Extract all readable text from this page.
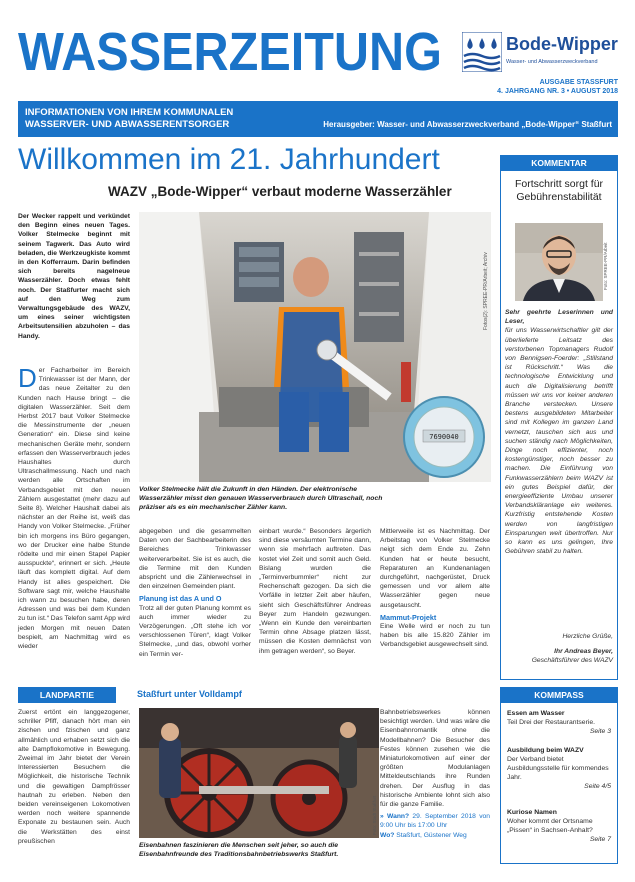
WASSERZEITUNG	Bode-Wipper
Wasser- und Abwasserzweckverband
AUSGABE STASSFURT
4. JAHRGANG NR. 3 • AUGUST 2018
INFORMATIONEN VON IHREM KOMMUNALEN
WASSERVER- UND ABWASSERENTSORGER	Herausgeber: Wasser- und Abwasserzweckverband „Bode-Wipper“ Staßfurt
Willkommen im 21. Jahrhundert
WAZV „Bode-Wipper“ verbaut moderne Wasserzähler

Der Wecker rappelt und verkündet den Beginn eines neuen Tages. Volker Stelmecke beginnt mit seinem Tagwerk. Das Auto wird beladen, die Werkzeugkiste kommt in den Kofferraum. Darin befinden sich bereits nagelneue Wasserzähler. Doch etwas fehlt noch. Der Staßfurter macht sich auf den Weg zum Verwaltungsgebäude des WAZV, um eines seiner wichtigsten Arbeitsutensilien abzuholen – das Handy.

Der Facharbeiter im Bereich Trinkwasser ist der Mann, der das neue Zeitalter zu den Kunden nach Hause bringt – die digitalen Wasserzähler. Seit dem Herbst 2017 baut Volker Stelmecke die Messinstrumente der „neuen Generation“ ein. Diese sind keine mechanischen Geräte mehr, sondern erfassen den Wasserverbrauch jedes Haushaltes durch Ultraschallmessung. Nach und nach werden alle Ortschaften im Verbandsgebiet mit den neuen Zählern ausgestattet (mehr dazu auf Seite 8). Welcher Haushalt dabei als nächster an der Reihe ist, weiß das Handy von Volker Stelmecke. „Früher bin ich morgens ins Büro gegangen, wo der Drucker eine halbe Stunde rödelte und mir einen Stapel Papier ausspuckte“, erinnert er sich. „Heute läuft das komplett digital. Auf dem Handy ist alles gespeichert. Die Software sagt mir, welche Haushalte ich wann zu besuchen habe, deren Adressen und was bei dem Kunden zu tun ist.“ Das Telefon samt App wird jeden Morgen mit neuen Daten bespielt, am Nachmittag wird es wieder

7690040
Fotos(2): SPREE-PR/Arbeit; Archiv
Volker Stelmecke hält die Zukunft in den Händen. Der elektronische Wasserzähler misst den genauen Wasserverbrauch durch Ultraschall, noch präziser als es ein mechanischer Zähler kann.

abgegeben und die gesammelten Daten von der Sachbearbeiterin des Bereiches Trinkwasser weiterverarbeitet. Sie ist es auch, die die Termine mit den Kunden abspricht und die Zählerwechsel in den einzelnen Gemeinden plant.

Planung ist das A und O

Trotz all der guten Planung kommt es auch immer wieder zu Verzögerungen. „Oft stehe ich vor verschlossenen Türen“, klagt Volker Stelmecke, „und das, obwohl vorher ein Termin ver-

einbart wurde.“ Besonders ärgerlich sind diese versäumten Termine dann, wenn sie mehrfach auftreten. Das kostet viel Zeit und somit auch Geld. Bislang wurden die „Terminverbummler“ nicht zur Rechenschaft gezogen. Da sich die Vorfälle in letzter Zeit aber häufen, sieht sich Geschäftsführer Andreas Beyer zum Handeln gezwungen. „Wenn ein Kunde den vereinbarten Termin ohne Absage platzen lässt, müssen die Kosten demnächst von ihm getragen werden“, so Beyer.

Mittlerweile ist es Nachmittag. Der Arbeitstag von Volker Stelmecke neigt sich dem Ende zu. Zehn Kunden hat er heute besucht, Reparaturen an Kundenanlagen durchgeführt, nachgerüstet, Druck gemessen und vor allem alte Wasserzähler gegen neue ausgetauscht.

Mammut-Projekt

Eine Welle wird er noch zu tun haben bis alle 15.820 Zähler im Verbandsgebiet ausgewechselt sind.

KOMMENTAR
Fortschritt sorgt für Gebührenstabilität
Foto: SPREE-PR/Arbeit

Sehr geehrte Leserinnen und Leser,

für uns Wasserwirtschaftler gilt der überlieferte Leitsatz des verstorbenen Topmanagers Rudolf von Bennigsen-Foerder: „Stillstand ist Rückschritt.“ Was die technologische Entwicklung und auch die Digitalisierung betrifft müssen wir uns vor keiner anderen Branche verstecken. Unsere bestens ausgebildeten Mitarbeiter sind mit Kollegen im ganzen Land vernetzt, tauschen sich aus und suchen ständig nach Möglichkeiten, Dinge noch effizienter, noch kostengünstiger, noch besser zu machen. Die Einführung von Funkwasserzählern beim WAZV ist ein gutes Beispiel dafür, der energieeffiziente Umbau unserer Verbandskläranlage ein weiteres. Kurzfristig entstehende Kosten werden von langfristigen Einsparungen weit übertroffen. Nur so kann es uns gelingen, Ihre Gebühren stabil zu halten.

Herzliche Grüße,
Ihr Andreas Beyer,
Geschäftsführer des WAZV
LANDPARTIE	Staßfurt unter Volldampf

Zuerst ertönt ein langgezogener, schriller Pfiff, danach hört man ein zischen und fzischen und ganz allmählich und erhaben setzt sich die alte Dampflokomotive in Bewegung. Zweimal im Jahr bietet der Verein Interessierten Besuchern die Möglichkeit, die historische Technik und die gewaltigen Dampfrösser hautnah zu erleben. Neben den beiden vereinseigenen Lokomotiven werden noch weitere spannende Exponate zu bestaunen sein. Auch die Werkstätten des einst preußischen

Foto: Stadt Staßfurt
Eisenbahnen faszinieren die Menschen seit jeher, so auch die Eisenbahnfreunde des Traditionsbahnbetriebswerks Staßfurt.

Bahnbetriebswerkes können besichtigt werden. Und was wäre die Eisenbahnromantik ohne die Modellbahnen? Die Besucher des Festes können zusehen wie die Miniaturlokomotiven auf einer der größten Modulanlagen Mitteldeutschlands ihre Runden drehen. Der Ausflug in das historische Ambiente lohnt sich also für die ganze Familie.

» Wann? 29. September 2018 von 9:00 Uhr bis 17:00 Uhr

Wo? Staßfurt, Güstener Weg

KOMMPASS
Essen am Wasser
Teil Drei der Restaurantserie.
Seite 3
Ausbildung beim WAZV
Der Verband bietet Ausbildungsstelle für kommendes Jahr.
Seite 4/5
Kuriose Namen
Woher kommt der Ortsname „Pissen“ in Sachsen-Anhalt?
Seite 7
